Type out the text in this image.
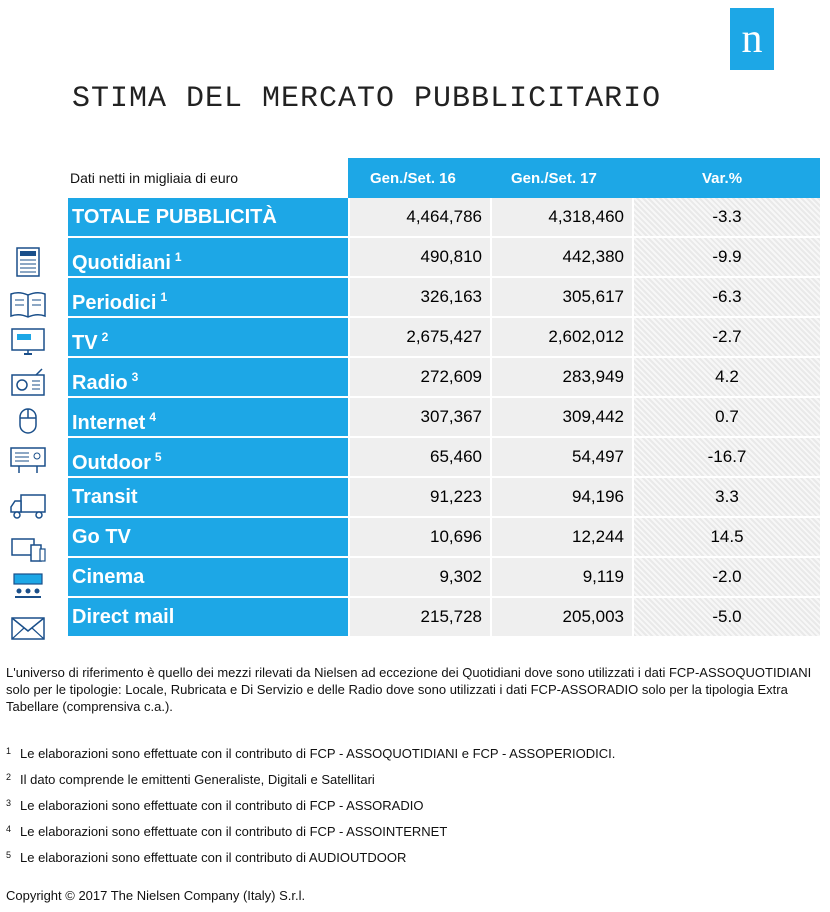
n
STIMA DEL MERCATO PUBBLICITARIO
Dati netti in migliaia di euro	Gen./Set. 16	Gen./Set. 17	Var.%
TOTALE PUBBLICITÀ	4,464,786	4,318,460	-3.3
Quotidiani $^1$	490,810	442,380	-9.9
Periodici $^1$	326,163	305,617	-6.3
TV $^2$	2,675,427	2,602,012	-2.7
Radio $^3$	272,609	283,949	4.2
Internet $^4$	307,367	309,442	0.7
Outdoor $^5$	65,460	54,497	-16.7
Transit	91,223	94,196	3.3
Go TV	10,696	12,244	14.5
Cinema	9,302	9,119	-2.0
Direct mail	215,728	205,003	-5.0
L'universo di riferimento è quello dei mezzi rilevati da Nielsen ad eccezione dei Quotidiani dove sono utilizzati i dati FCP-ASSOQUOTIDIANI solo per le tipologie: Locale, Rubricata e Di Servizio e delle Radio dove sono utilizzati i dati FCP-ASSORADIO solo per la tipologia Extra Tabellare (comprensiva c.a.).
1 Le elaborazioni sono effettuate con il contributo di FCP - ASSOQUOTIDIANI e FCP - ASSOPERIODICI.
2 Il dato comprende le emittenti Generaliste, Digitali e Satellitari
3 Le elaborazioni sono effettuate con il contributo di FCP - ASSORADIO
4 Le elaborazioni sono effettuate con il contributo di FCP - ASSOINTERNET
5 Le elaborazioni sono effettuate con il contributo di AUDIOUTDOOR
Copyright © 2017 The Nielsen Company (Italy) S.r.l.
